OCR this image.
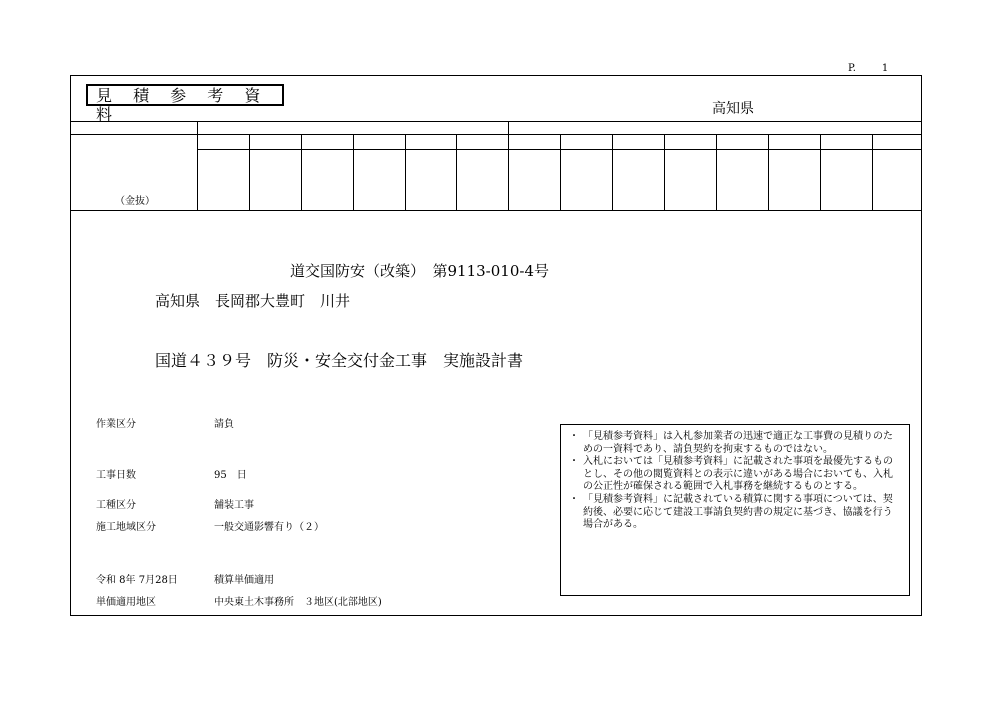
P.	1
見 積 参 考 資 料	高知県
（金抜）
道交国防安（改築）　第9113-010-4号
高知県　長岡郡大豊町　川井
国道４３９号　防災・安全交付金工事　実施設計書
作業区分	請負
工事日数	95　日
工種区分	舗装工事
施工地域区分	一般交通影響有り（２）
令和 8年 7月28日	積算単価適用
単価適用地区	中央東土木事務所　３地区(北部地区)
・ 「見積参考資料」は入札参加業者の迅速で適正な工事費の見積りのための一資料であり、請負契約を拘束するものではない。
・ 入札においては「見積参考資料」に記載された事項を最優先するものとし、その他の閲覧資料との表示に違いがある場合においても、入札の公正性が確保される範囲で入札事務を継続するものとする。
・ 「見積参考資料」に記載されている積算に関する事項については、契約後、必要に応じて建設工事請負契約書の規定に基づき、協議を行う場合がある。
